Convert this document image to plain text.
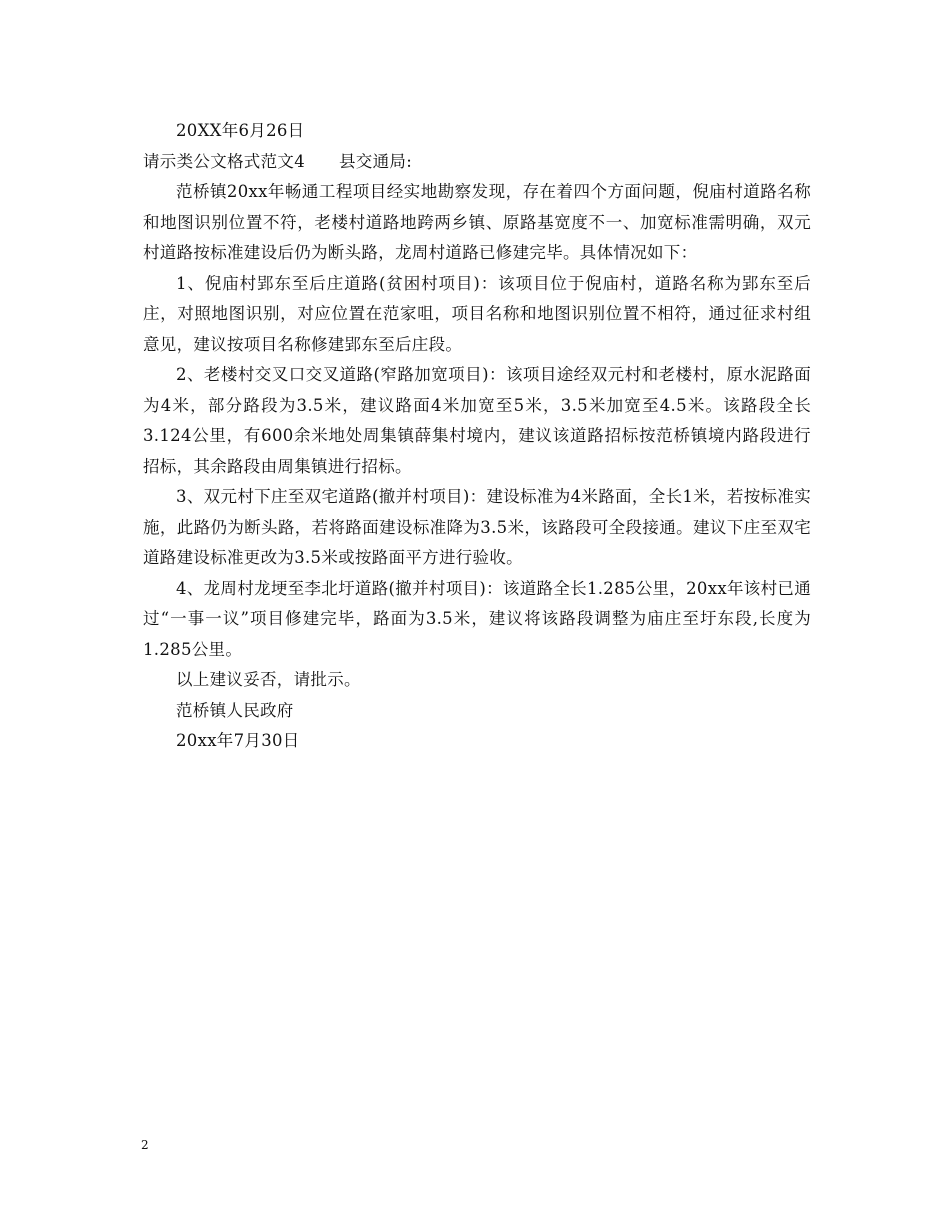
20XX年6月26日

请示类公文格式范文4 县交通局:

范桥镇20xx年畅通工程项目经实地勘察发现，存在着四个方面问题，倪庙村道路名称和地图识别位置不符，老楼村道路地跨两乡镇、原路基宽度不一、加宽标准需明确，双元村道路按标准建设后仍为断头路，龙周村道路已修建完毕。具体情况如下：

1、倪庙村郢东至后庄道路(贫困村项目)：该项目位于倪庙村，道路名称为郢东至后庄，对照地图识别，对应位置在范家咀，项目名称和地图识别位置不相符，通过征求村组意见，建议按项目名称修建郢东至后庄段。

2、老楼村交叉口交叉道路(窄路加宽项目)：该项目途经双元村和老楼村，原水泥路面为4米，部分路段为3.5米，建议路面4米加宽至5米，3.5米加宽至4.5米。该路段全长3.124公里，有600余米地处周集镇薛集村境内，建议该道路招标按范桥镇境内路段进行招标，其余路段由周集镇进行招标。

3、双元村下庄至双宅道路(撤并村项目)：建设标准为4米路面，全长1米，若按标准实施，此路仍为断头路，若将路面建设标准降为3.5米，该路段可全段接通。建议下庄至双宅道路建设标准更改为3.5米或按路面平方进行验收。

4、龙周村龙埂至李北圩道路(撤并村项目)：该道路全长1.285公里，20xx年该村已通过“一事一议”项目修建完毕，路面为3.5米，建议将该路段调整为庙庄至圩东段,长度为1.285公里。

以上建议妥否，请批示。

范桥镇人民政府

20xx年7月30日

2
